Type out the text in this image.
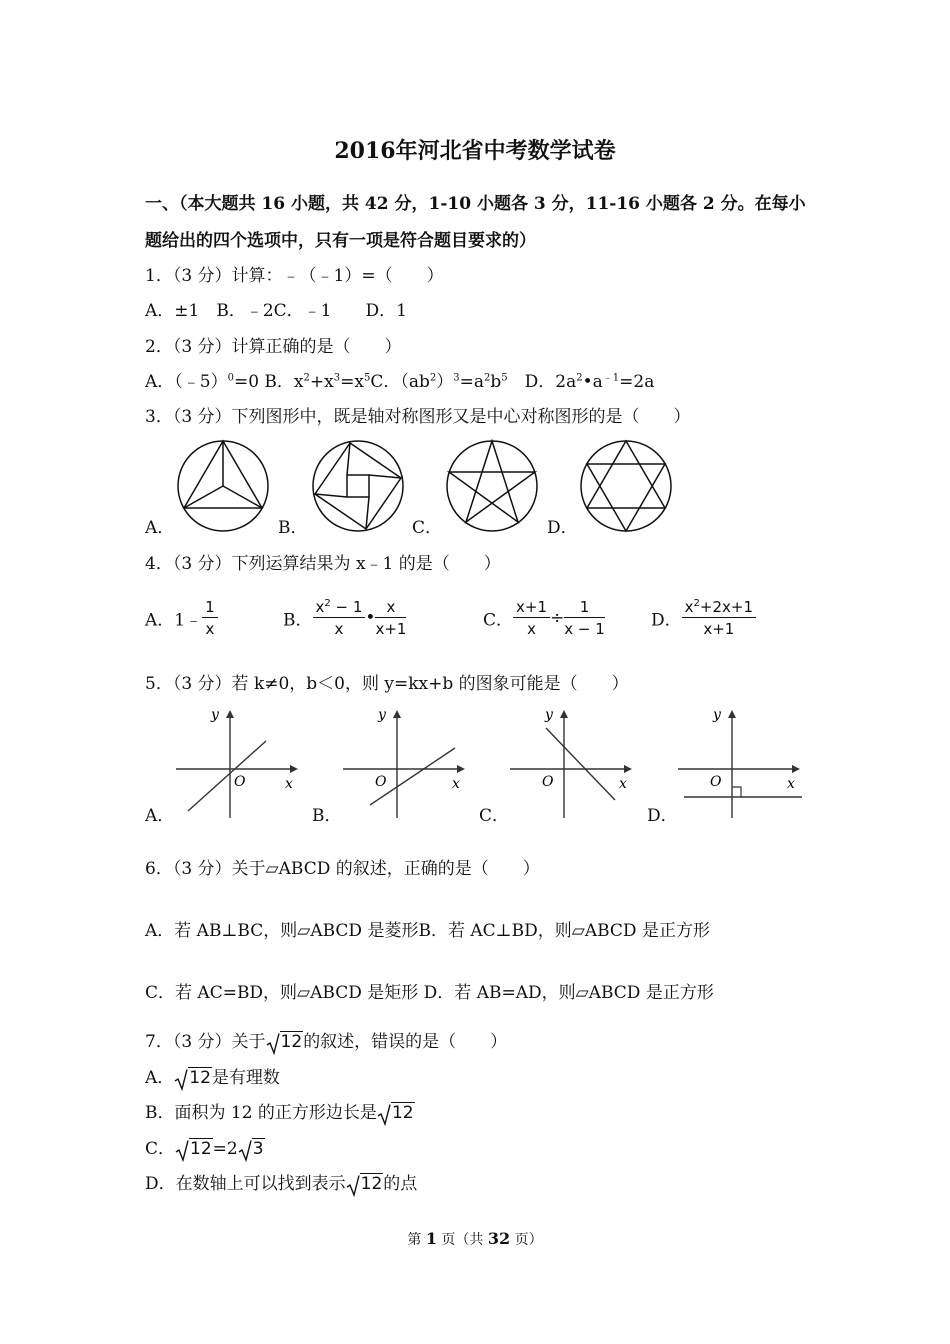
2016年河北省中考数学试卷
一、（本大题共 16 小题，共 42 分，1-10 小题各 3 分，11-16 小题各 2 分。在每小
题给出的四个选项中，只有一项是符合题目要求的）
1．（3 分）计算：﹣（﹣1）=（　　）
A．±1　B．﹣2C．﹣1　　D．1
2．（3 分）计算正确的是（　　）
A．（﹣5）$^0$=0 B．$x^2+x^3=x^5C$．$(ab^2)^3=a^2b^5$　D．$2a^2•a^{﹣1}=2a$
3．（3 分）下列图形中，既是轴对称图形又是中心对称图形的是（　　）
A．	B．	C．	D．
4．（3 分）下列运算结果为 x﹣1 的是（　　）
A．1﹣ $\frac{1}{x}$	B． $\frac{x^2 - 1}{x}$ • $\frac{x}{x+1}$	C． $\frac{x+1}{x} \div \frac{1}{x - 1}$	D． $\frac{x^2+2x+1}{x+1}$
5．（3 分）若 k≠0，b＜0，则 y=kx+b 的图象可能是（　　）
A．
y
O	x
B．
y
O	x
C．
y
O	x
D．
y
O	x
6．（3 分）关于▱ABCD 的叙述，正确的是（　　）
A．若 AB⊥BC，则▱ABCD 是菱形B．若 AC⊥BD，则▱ABCD 是正方形
C．若 AC=BD，则▱ABCD 是矩形 D．若 AB=AD，则▱ABCD 是正方形
7．（3 分）关于 12的叙述，错误的是（　　）
A． 12是有理数
B．面积为 12 的正方形边长是 12
C． 12=2 3
D．在数轴上可以找到表示 12的点
第 1 页（共 32 页）
